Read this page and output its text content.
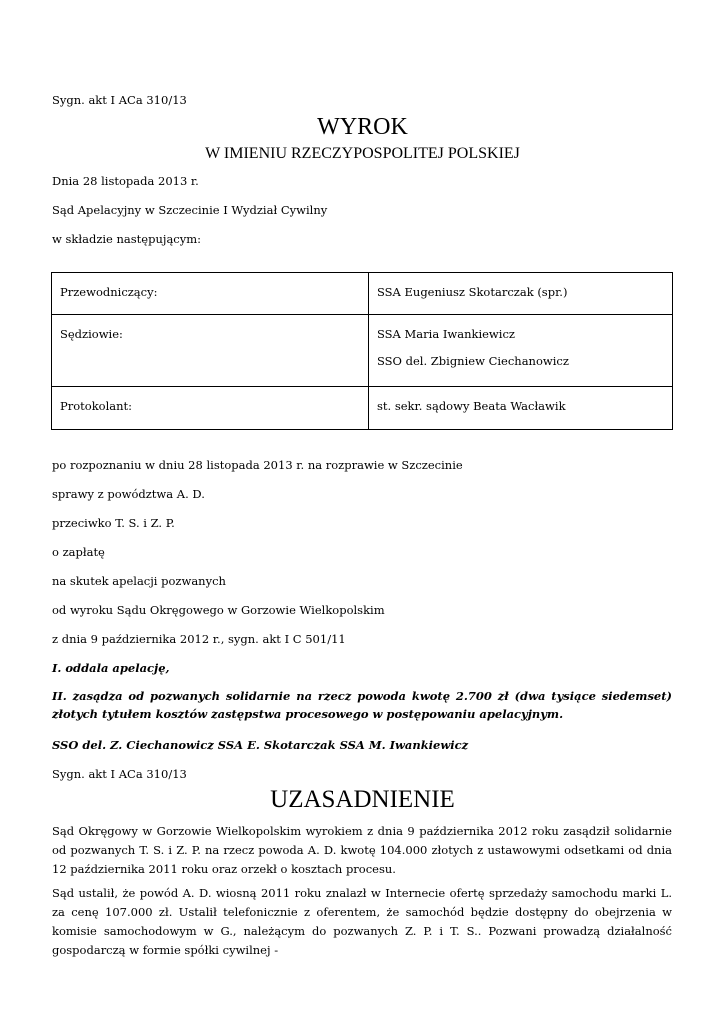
Sygn. akt I ACa 310/13
WYROK
W IMIENIU RZECZYPOSPOLITEJ POLSKIEJ
Dnia 28 listopada 2013 r.
Sąd Apelacyjny w Szczecinie I Wydział Cywilny
w składzie następującym:
Przewodniczący:	SSA Eugeniusz Skotarczak (spr.)
Sędziowie:	SSA Maria Iwankiewicz
SSO del. Zbigniew Ciechanowicz

Protokolant:	st. sekr. sądowy Beata Wacławik
po rozpoznaniu w dniu 28 listopada 2013 r. na rozprawie w Szczecinie
sprawy z powództwa A. D.
przeciwko T. S. i Z. P.
o zapłatę
na skutek apelacji pozwanych
od wyroku Sądu Okręgowego w Gorzowie Wielkopolskim
z dnia 9 października 2012 r., sygn. akt I C 501/11
I. oddala apelację,
II. zasądza od pozwanych solidarnie na rzecz powoda kwotę 2.700 zł (dwa tysiące siedemset) złotych tytułem kosztów zastępstwa procesowego w postępowaniu apelacyjnym.
SSO del. Z. Ciechanowicz SSA E. Skotarczak SSA M. Iwankiewicz
Sygn. akt I ACa 310/13
UZASADNIENIE
Sąd Okręgowy w Gorzowie Wielkopolskim wyrokiem z dnia 9 października 2012 roku zasądził solidarnie od pozwanych T. S. i Z. P. na rzecz powoda A. D. kwotę 104.000 złotych z ustawowymi odsetkami od dnia 12 października 2011 roku oraz orzekł o kosztach procesu.
Sąd ustalił, że powód A. D. wiosną 2011 roku znalazł w Internecie ofertę sprzedaży samochodu marki L. za cenę 107.000 zł. Ustalił telefonicznie z oferentem, że samochód będzie dostępny do obejrzenia w komisie samochodowym w G., należącym do pozwanych Z. P. i T. S.. Pozwani prowadzą działalność gospodarczą w formie spółki cywilnej -
